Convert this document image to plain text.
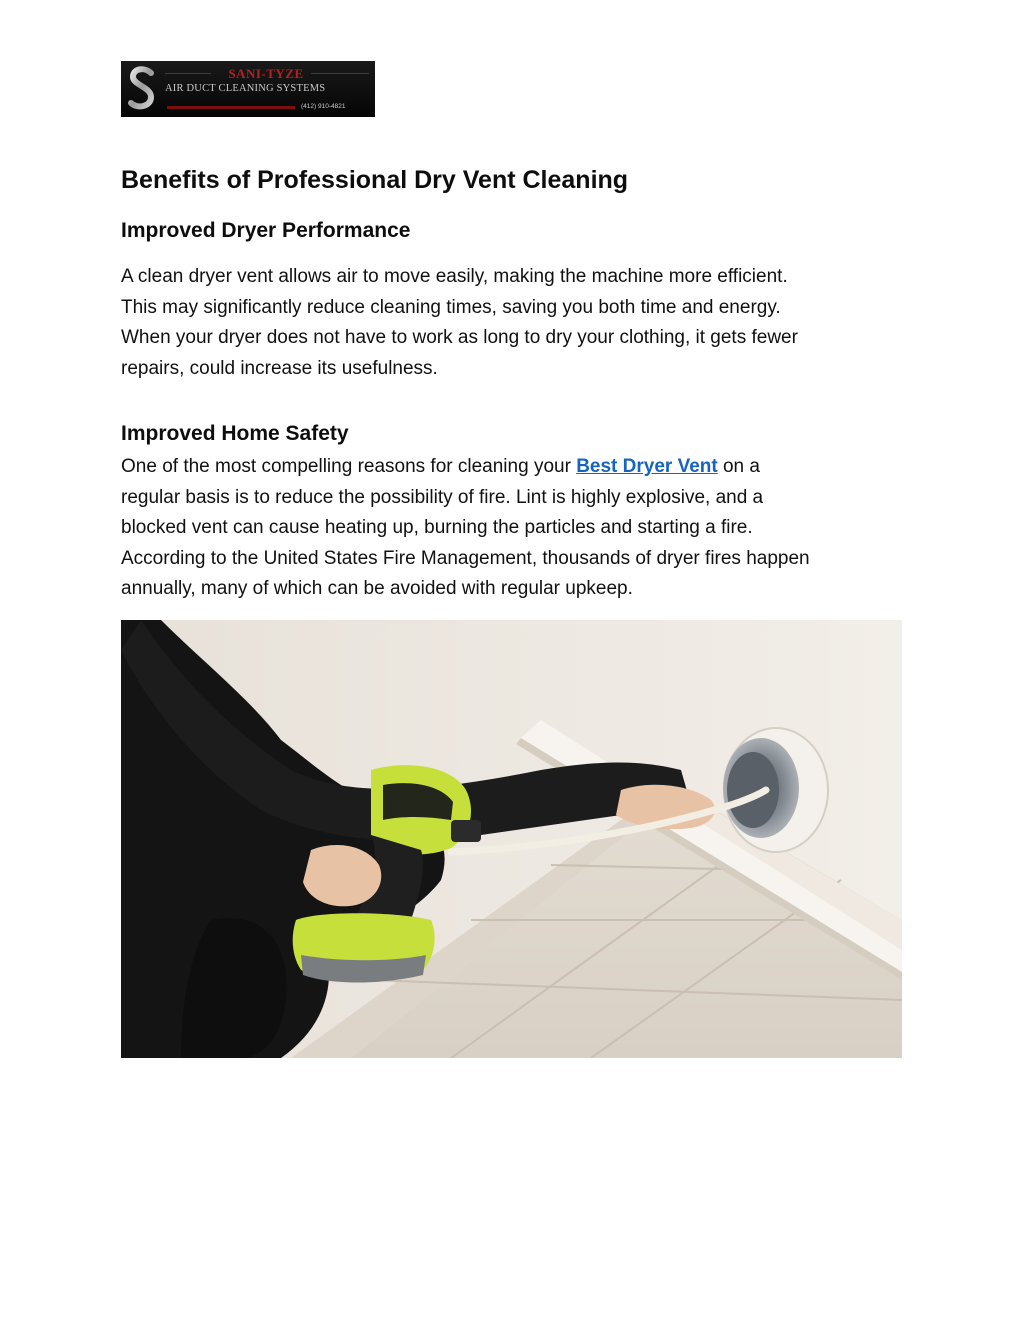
SANI-TYZE
AIR DUCT CLEANING SYSTEMS
(412) 910-4821
Benefits of Professional Dry Vent Cleaning
Improved Dryer Performance
A clean dryer vent allows air to move easily, making the machine more efficient.
This may significantly reduce cleaning times, saving you both time and energy.
When your dryer does not have to work as long to dry your clothing, it gets fewer
repairs, could increase its usefulness.
Improved Home Safety
One of the most compelling reasons for cleaning your Best Dryer Vent on a
regular basis is to reduce the possibility of fire. Lint is highly explosive, and a
blocked vent can cause heating up, burning the particles and starting a fire.
According to the United States Fire Management, thousands of dryer fires happen
annually, many of which can be avoided with regular upkeep.
